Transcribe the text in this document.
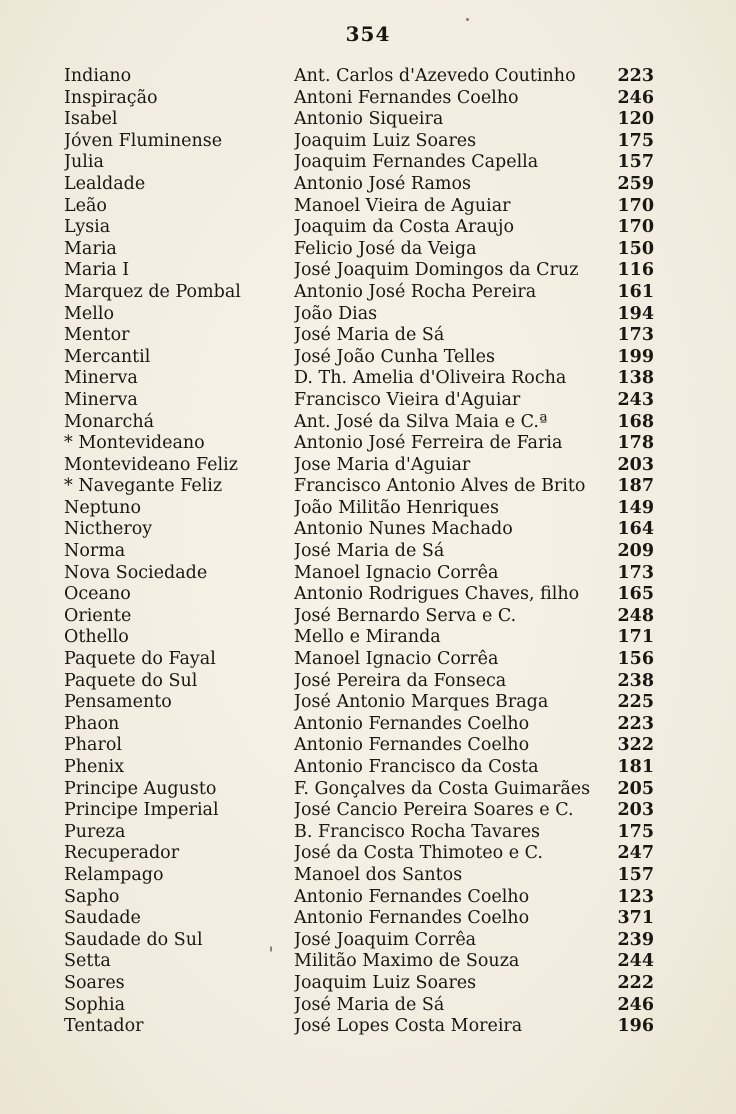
354
Indiano	Ant. Carlos d'Azevedo Coutinho	223
Inspiração	Antoni Fernandes Coelho	246
Isabel	Antonio Siqueira	120
Jóven Fluminense	Joaquim Luiz Soares	175
Julia	Joaquim Fernandes Capella	157
Lealdade	Antonio José Ramos	259
Leão	Manoel Vieira de Aguiar	170
Lysia	Joaquim da Costa Araujo	170
Maria	Felicio José da Veiga	150
Maria I	José Joaquim Domingos da Cruz	116
Marquez de Pombal	Antonio José Rocha Pereira	161
Mello	João Dias	194
Mentor	José Maria de Sá	173
Mercantil	José João Cunha Telles	199
Minerva	D. Th. Amelia d'Oliveira Rocha	138
Minerva	Francisco Vieira d'Aguiar	243
Monarchá	Ant. José da Silva Maia e C.ª	168
* Montevideano	Antonio José Ferreira de Faria	178
Montevideano Feliz	Jose Maria d'Aguiar	203
* Navegante Feliz	Francisco Antonio Alves de Brito	187
Neptuno	João Militão Henriques	149
Nictheroy	Antonio Nunes Machado	164
Norma	José Maria de Sá	209
Nova Sociedade	Manoel Ignacio Corrêa	173
Oceano	Antonio Rodrigues Chaves, filho	165
Oriente	José Bernardo Serva e C.	248
Othello	Mello e Miranda	171
Paquete do Fayal	Manoel Ignacio Corrêa	156
Paquete do Sul	José Pereira da Fonseca	238
Pensamento	José Antonio Marques Braga	225
Phaon	Antonio Fernandes Coelho	223
Pharol	Antonio Fernandes Coelho	322
Phenix	Antonio Francisco da Costa	181
Principe Augusto	F. Gonçalves da Costa Guimarães	205
Principe Imperial	José Cancio Pereira Soares e C.	203
Pureza	B. Francisco Rocha Tavares	175
Recuperador	José da Costa Thimoteo e C.	247
Relampago	Manoel dos Santos	157
Sapho	Antonio Fernandes Coelho	123
Saudade	Antonio Fernandes Coelho	371
Saudade do Sul	José Joaquim Corrêa	239
Setta	Militão Maximo de Souza	244
Soares	Joaquim Luiz Soares	222
Sophia	José Maria de Sá	246
Tentador	José Lopes Costa Moreira	196
